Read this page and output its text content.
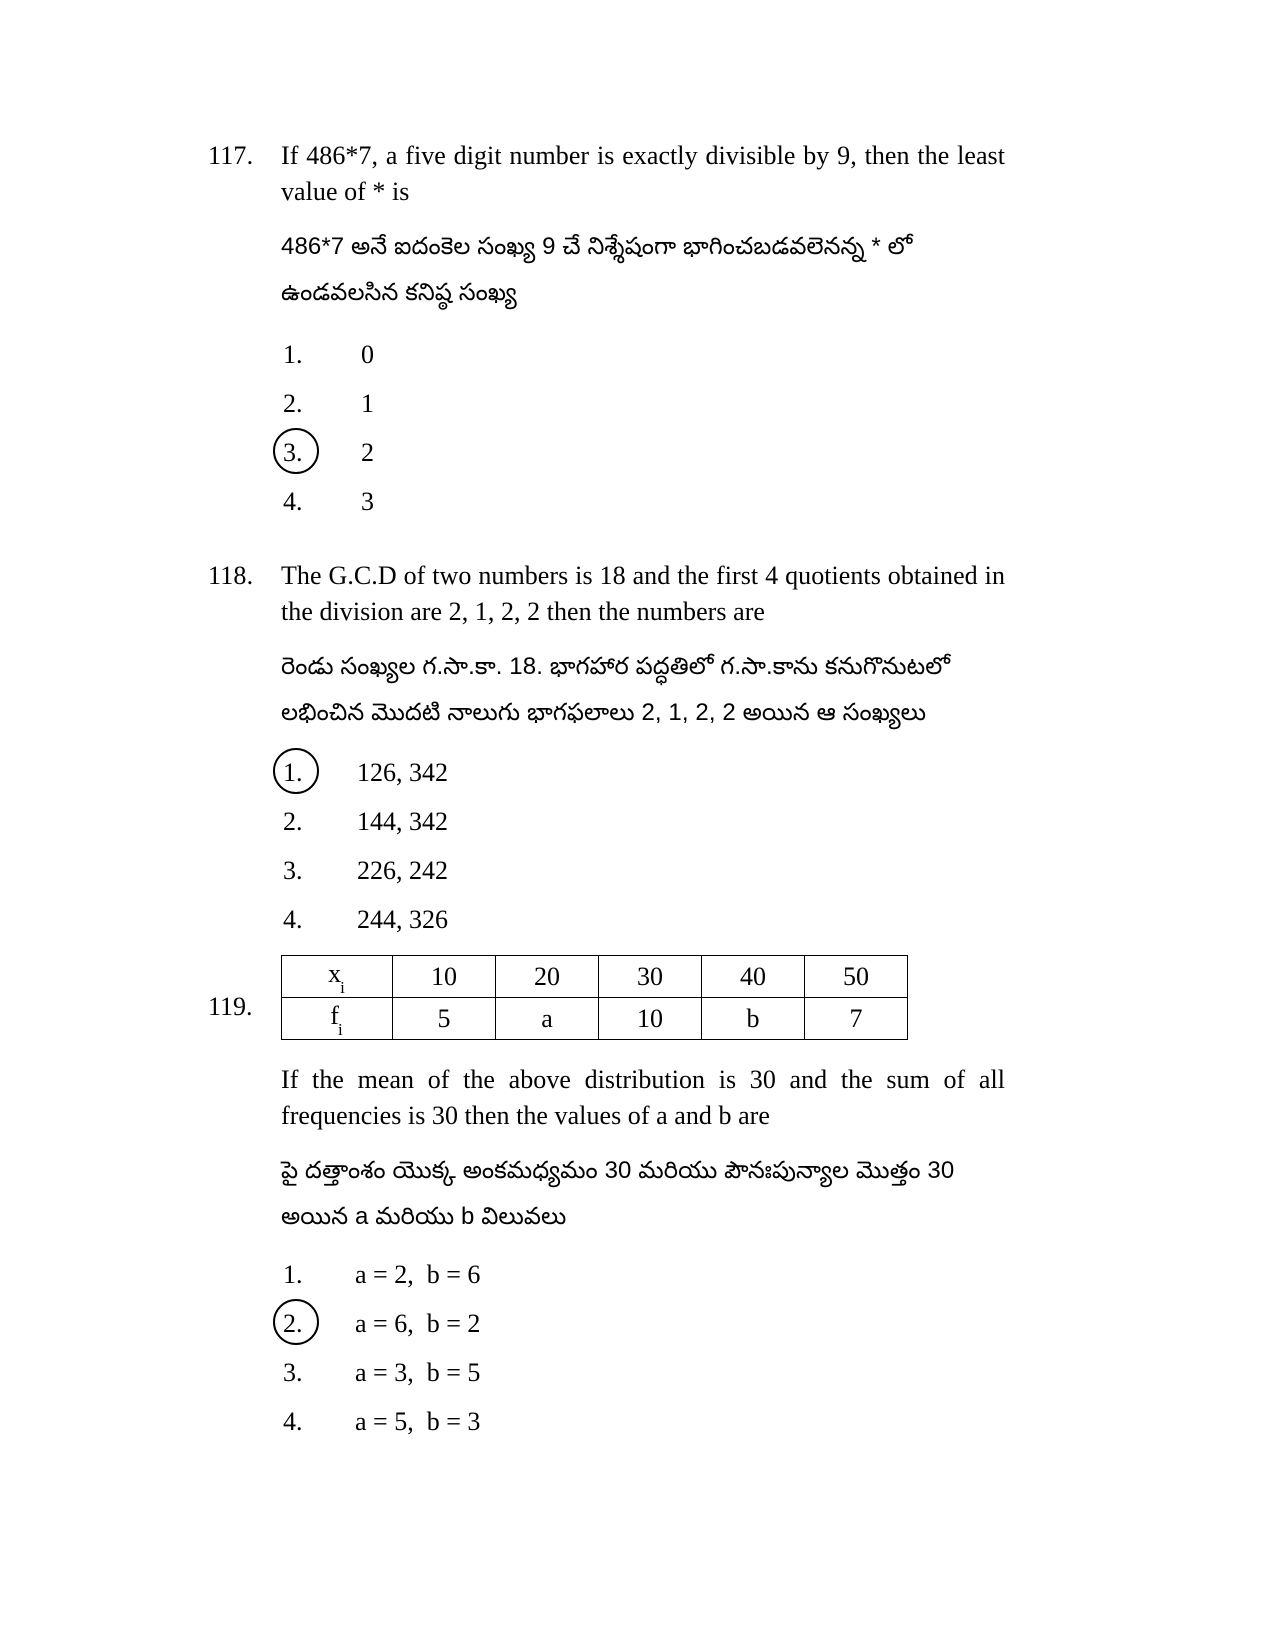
117.	If 486*7, a five digit number is exactly divisible by 9, then the least value of * is
486*7 అనే ఐదంకెల సంఖ్య 9 చే నిశ్శేషంగా భాగించబడవలెనన్న * లో
ఉండవలసిన కనిష్ఠ సంఖ్య
1.	0
2.	1
3.	2
4.	3
118.	The G.C.D of two numbers is 18 and the first 4 quotients obtained in the division are 2, 1, 2, 2 then the numbers are
రెండు సంఖ్యల గ.సా.కా. 18. భాగహార పద్ధతిలో గ.సా.కాను కనుగొనుటలో
లభించిన మొదటి నాలుగు భాగఫలాలు 2, 1, 2, 2 అయిన ఆ సంఖ్యలు
1.	126, 342
2.	144, 342
3.	226, 242
4.	244, 326
119.
$x_i$	10	20	30	40	50
$f_i$	5	a	10	b	7
If the mean of the above distribution is 30 and the sum of all frequencies is 30 then the values of a and b are
పై దత్తాంశం యొక్క అంకమధ్యమం 30 మరియు పౌనఃపున్యాల మొత్తం 30
అయిన a మరియు b విలువలు
1.	a = 2,  b = 6
2.	a = 6,  b = 2
3.	a = 3,  b = 5
4.	a = 5,  b = 3
